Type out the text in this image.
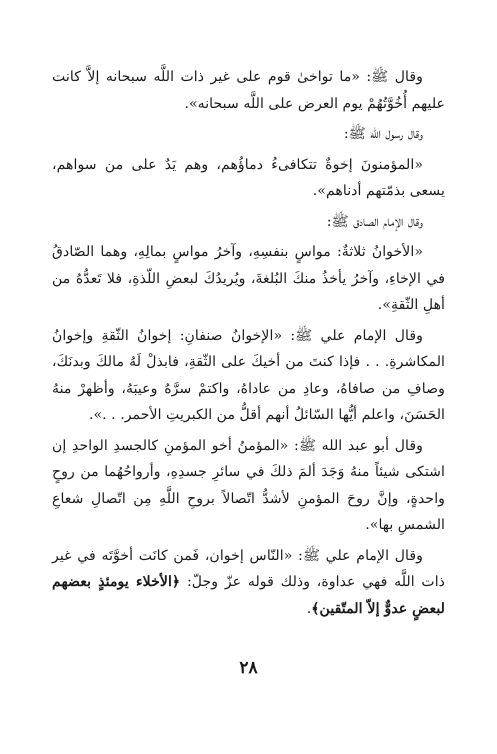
وقال ﷺ: «ما تواخىٰ قوم على غير ذات اللَّه سبحانه إلاَّ كانت عليهم أُخُوَّتُهُمْ يوم العرض على اللَّه سبحانه».

وقال رسول الله ﷺ:

«المؤمنونَ إخوةٌ تتكافىءُ دماؤُهم، وهم يَدٌ على من سواهم، يسعى بذمّتهم أدناهم».

وقال الإمام الصادق ﷺ:

«الأخوانُ ثلاثةٌ: مواسٍ بنفسِهِ، وآخرُ مواسٍ بمالِهِ، وهما الصّادقُ في الإخاءِ، وآخرُ يأخذُ منكَ البُلغةَ، ويُريدُكَ لبعضِ اللّذةِ، فلا تَعدُّهُ من أهلِ الثّقةِ».

وقال الإمام علي ﷺ: «الإخوانُ صنفانِ: إخوانُ الثّقةِ وإخوانُ المكاشرةِ. . . فإذا كنتَ من أخيكَ على الثّقةِ، فابذلْ لَهُ مالكَ وبدنَكَ، وصافِ من صافاهُ، وعادِ من عاداهُ، واكتمْ سرَّهُ وعيبَهُ، وأظهرْ منهُ الحَسَنَ، واعلم أيُّها السّائلُ أنهم أقلُّ من الكبريتِ الأحمر. . .».

وقال أبو عبد الله ﷺ: «المؤمنُ أخو المؤمنِ كالجسدِ الواحدِ إن اشتكى شيئاً منهُ وَجَدَ ألمَ ذلكَ في سائرِ جسدِهِ، وأرواحُهُما من روحٍ واحدةٍ، وإنَّ روحَ المؤمنِ لأشدُّ اتّصالاً بروحِ اللَّهِ مِن اتّصالِ شعاعِ الشمسِ بها».

وقال الإمام علي ﷺ: «النّاس إخوان، فَمن كانَت أخوَّتَه في غير ذات اللَّه فهي عداوة، وذلك قوله عزّ وجلّ: ﴿الأخلاء يومئذٍ بعضهم لبعضٍ عدوٌّ إلاّ المتّقين﴾.

٢٨
